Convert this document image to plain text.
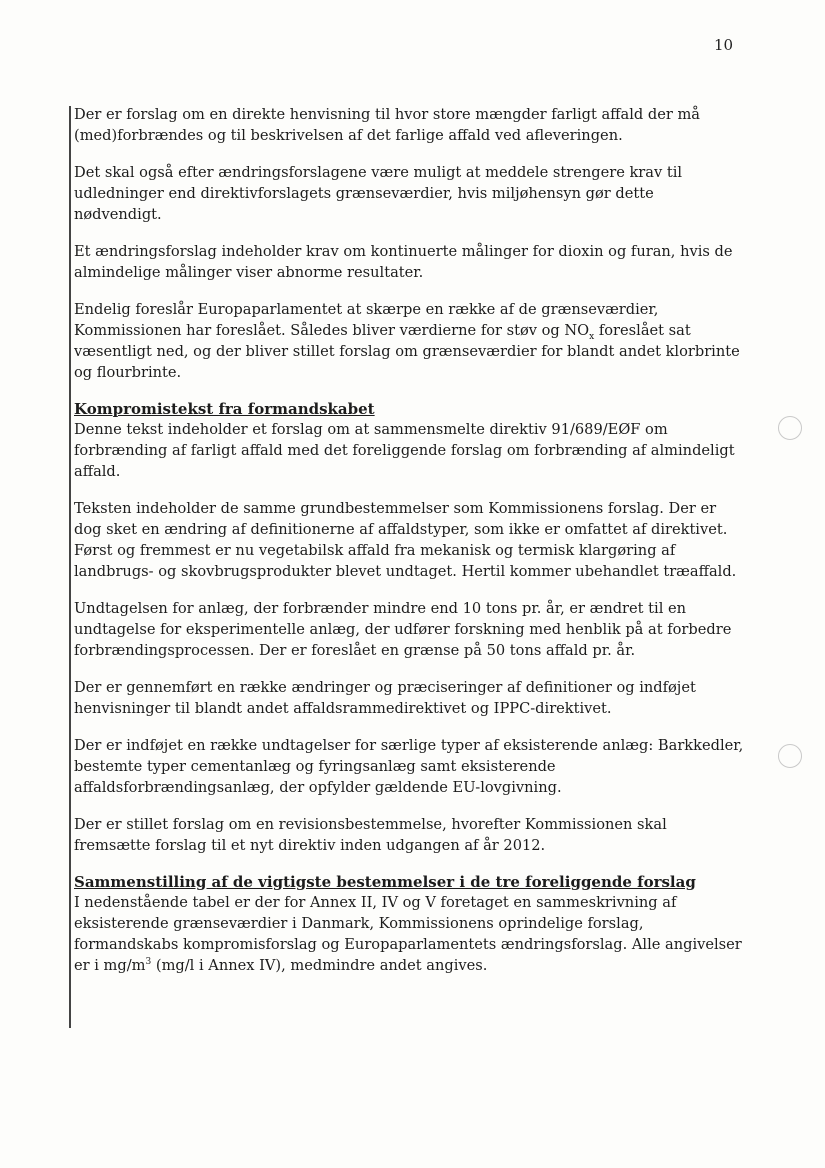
10

Der er forslag om en direkte henvisning til hvor store mængder farligt affald der må (med)forbrændes og til beskrivelsen af det farlige affald ved afleveringen.

Det skal også efter ændringsforslagene være muligt at meddele strengere krav til udledninger end direktivforslagets grænseværdier, hvis miljøhensyn gør dette nødvendigt.

Et ændringsforslag indeholder krav om kontinuerte målinger for dioxin og furan, hvis de almindelige målinger viser abnorme resultater.

Endelig foreslår Europaparlamentet at skærpe en række af de grænseværdier, Kommissionen har foreslået. Således bliver værdierne for støv og $NO_x$ foreslået sat væsentligt ned, og der bliver stillet forslag om grænseværdier for blandt andet klorbrinte og flourbrinte.

Kompromistekst fra formandskabet

Denne tekst indeholder et forslag om at sammensmelte direktiv 91/689/EØF om forbrænding af farligt affald med det foreliggende forslag om forbrænding af almindeligt affald.

Teksten indeholder de samme grundbestemmelser som Kommissionens forslag. Der er dog sket en ændring af definitionerne af affaldstyper, som ikke er omfattet af direktivet. Først og fremmest er nu vegetabilsk affald fra mekanisk og termisk klargøring af landbrugs- og skovbrugsprodukter blevet undtaget. Hertil kommer ubehandlet træaffald.

Undtagelsen for anlæg, der forbrænder mindre end 10 tons pr. år, er ændret til en undtagelse for eksperimentelle anlæg, der udfører forskning med henblik på at forbedre forbrændingsprocessen. Der er foreslået en grænse på 50 tons affald pr. år.

Der er gennemført en række ændringer og præciseringer af definitioner og indføjet henvisninger til blandt andet affaldsrammedirektivet og IPPC-direktivet.

Der er indføjet en række undtagelser for særlige typer af eksisterende anlæg: Barkkedler, bestemte typer cementanlæg og fyringsanlæg samt eksisterende affaldsforbrændingsanlæg, der opfylder gældende EU-lovgivning.

Der er stillet forslag om en revisionsbestemmelse, hvorefter Kommissionen skal fremsætte forslag til et nyt direktiv inden udgangen af år 2012.

Sammenstilling af de vigtigste bestemmelser i de tre foreliggende forslag

I nedenstående tabel er der for Annex II, IV og V foretaget en sammeskrivning af eksisterende grænseværdier i Danmark, Kommissionens oprindelige forslag, formandskabs kompromisforslag og Europaparlamentets ændringsforslag. Alle angivelser er i $mg/m^3$ (mg/l i Annex IV), medmindre andet angives.
